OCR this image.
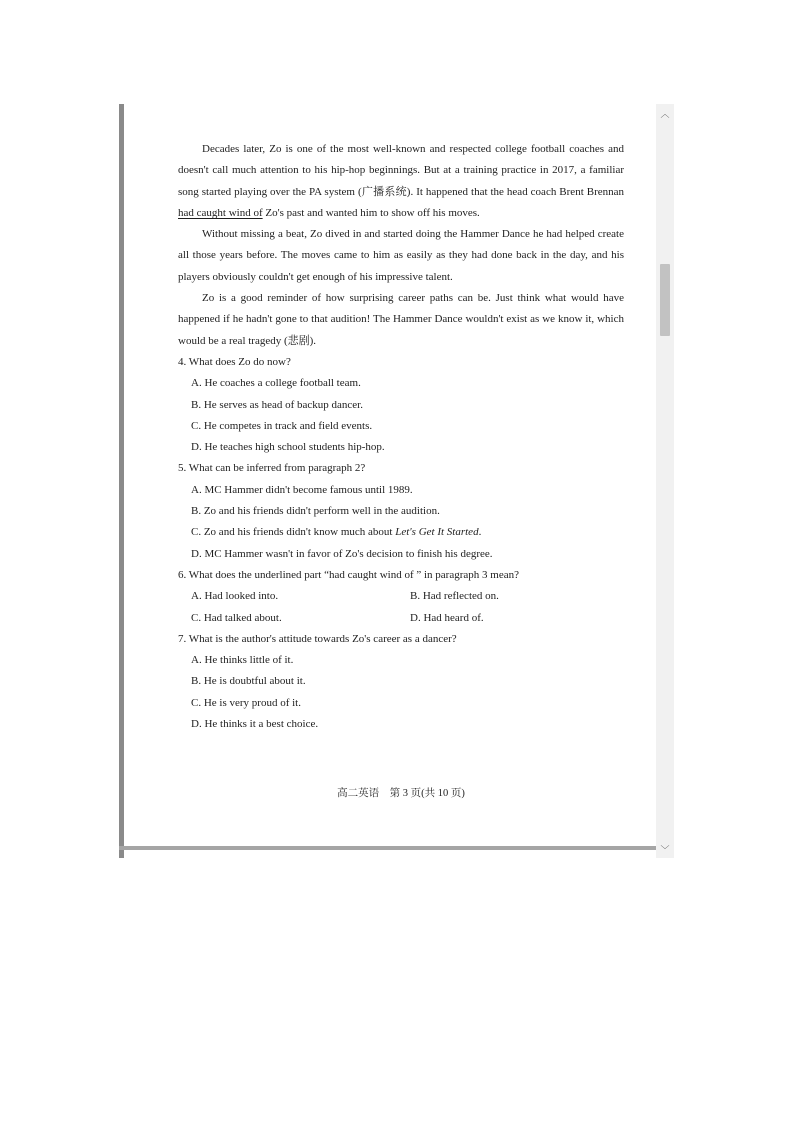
Decades later, Zo is one of the most well-known and respected college football coaches and doesn't call much attention to his hip-hop beginnings. But at a training practice in 2017, a familiar song started playing over the PA system (广播系统). It happened that the head coach Brent Brennan had caught wind of Zo's past and wanted him to show off his moves.

Without missing a beat, Zo dived in and started doing the Hammer Dance he had helped create all those years before. The moves came to him as easily as they had done back in the day, and his players obviously couldn't get enough of his impressive talent.

Zo is a good reminder of how surprising career paths can be. Just think what would have happened if he hadn't gone to that audition! The Hammer Dance wouldn't exist as we know it, which would be a real tragedy (悲剧).

4. What does Zo do now?

A. He coaches a college football team.

B. He serves as head of backup dancer.

C. He competes in track and field events.

D. He teaches high school students hip-hop.

5. What can be inferred from paragraph 2?

A. MC Hammer didn't become famous until 1989.

B. Zo and his friends didn't perform well in the audition.

C. Zo and his friends didn't know much about Let's Get It Started.

D. MC Hammer wasn't in favor of Zo's decision to finish his degree.

6. What does the underlined part “had caught wind of ” in paragraph 3 mean?

A. Had looked into.	B. Had reflected on.
C. Had talked about.	D. Had heard of.

7. What is the author's attitude towards Zo's career as a dancer?

A. He thinks little of it.

B. He is doubtful about it.

C. He is very proud of it.

D. He thinks it a best choice.

高二英语　第 3 页(共 10 页)
︿
﹀
